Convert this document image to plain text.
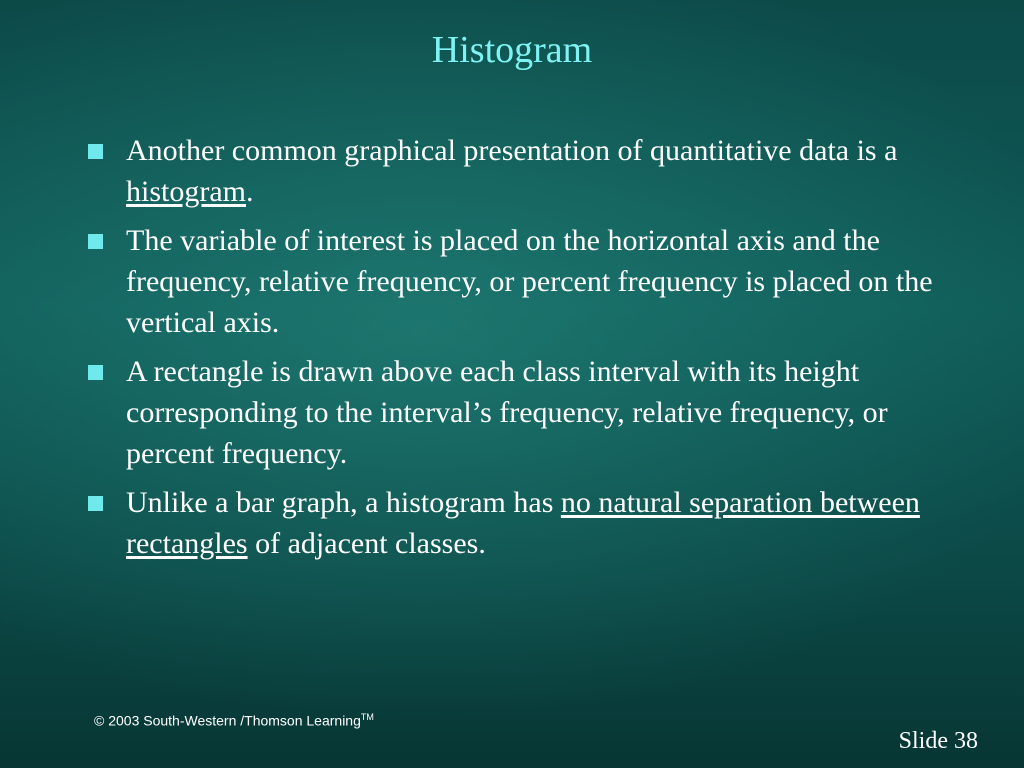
Histogram
Another common graphical presentation of quantitative data is a histogram.
The variable of interest is placed on the horizontal axis and the frequency, relative frequency, or percent frequency is placed on the vertical axis.
A rectangle is drawn above each class interval with its height corresponding to the interval’s frequency, relative frequency, or percent frequency.
Unlike a bar graph, a histogram has no natural separation between rectangles of adjacent classes.
© 2003 South-Western /Thomson Learning™
Slide 38
